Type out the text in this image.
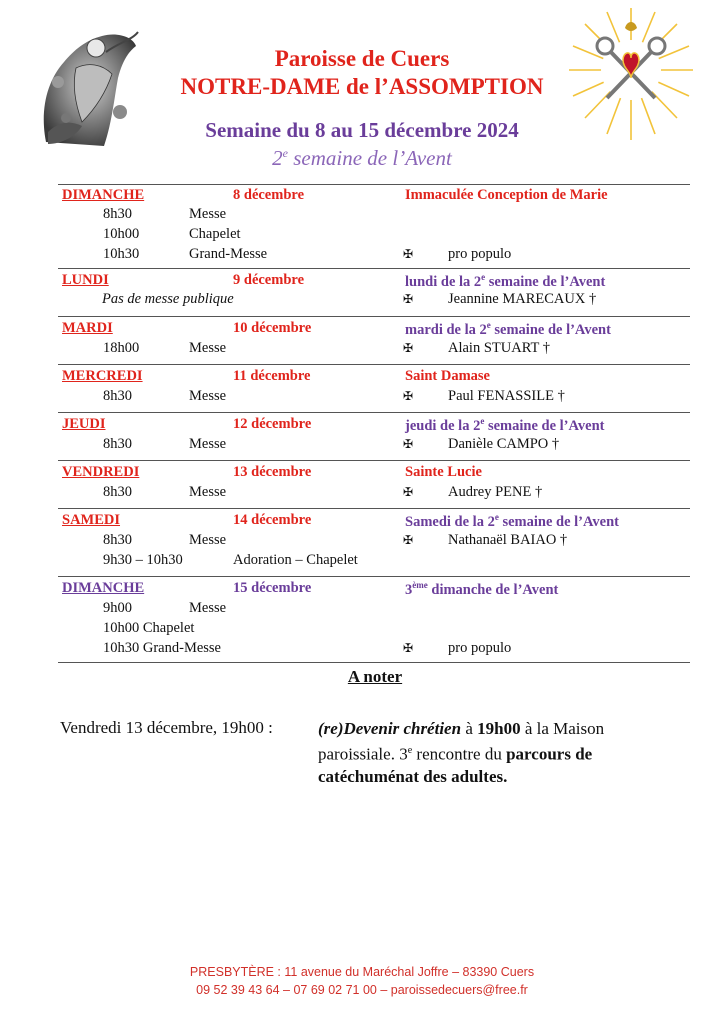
Paroisse de Cuers
NOTRE-DAME de l’ASSOMPTION
Semaine du 8 au 15 décembre 2024
2e semaine de l’Avent
DIMANCHE	8 décembre	Immaculée Conception de Marie
8h30	Messe
10h00	Chapelet
10h30	Grand-Messe	✠ pro populo
LUNDI	9 décembre	lundi de la 2e semaine de l’Avent
Pas de messe publique	✠ Jeannine MARECAUX †
MARDI	10 décembre	mardi de la 2e semaine de l’Avent
18h00	Messe	✠ Alain STUART †
MERCREDI	11 décembre	Saint Damase
8h30	Messe	✠ Paul FENASSILE †
JEUDI	12 décembre	jeudi de la 2e semaine de l’Avent
8h30	Messe	✠ Danièle CAMPO †
VENDREDI	13 décembre	Sainte Lucie
8h30	Messe	✠ Audrey PENE †
SAMEDI	14 décembre	Samedi de la 2e semaine de l’Avent
8h30	Messe	✠ Nathanaël BAIAO †
9h30 – 10h30	Adoration – Chapelet
DIMANCHE	15 décembre	3ème dimanche de l’Avent
9h00	Messe
10h00 Chapelet
10h30 Grand-Messe	✠ pro populo
A noter
Vendredi 13 décembre, 19h00 :	(re)Devenir chrétien à 19h00 à la Maison paroissiale. 3e rencontre du parcours de catéchuménat des adultes.
PRESBYTÈRE : 11 avenue du Maréchal Joffre – 83390 Cuers
09 52 39 43 64 – 07 69 02 71 00 – paroissedecuers@free.fr
